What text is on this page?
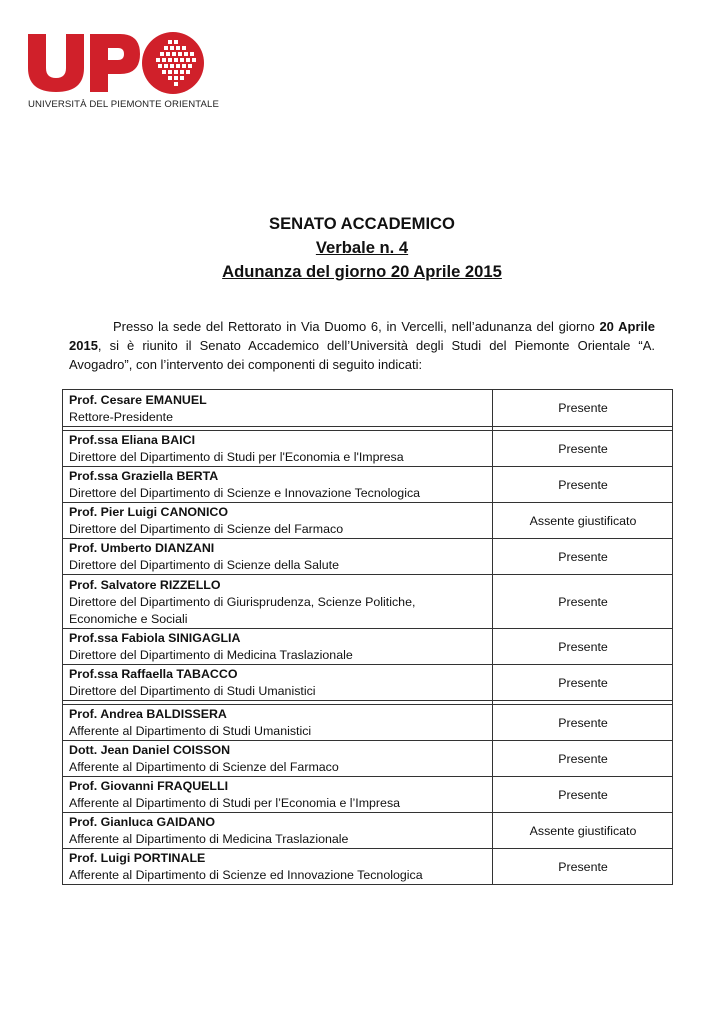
UNIVERSITÀ DEL PIEMONTE ORIENTALE
SENATO ACCADEMICO
Verbale n. 4
Adunanza del giorno 20 Aprile 2015
Presso la sede del Rettorato in Via Duomo 6, in Vercelli, nell’adunanza del giorno 20 Aprile 2015, si è riunito il Senato Accademico dell’Università degli Studi del Piemonte Orientale “A. Avogadro”, con l’intervento dei componenti di seguito indicati:
Prof. Cesare EMANUEL
Rettore-Presidente	Presente

Prof.ssa Eliana BAICI
Direttore del Dipartimento di Studi per l'Economia e l'Impresa	Presente

Prof.ssa Graziella BERTA
Direttore del Dipartimento di Scienze e Innovazione Tecnologica	Presente

Prof. Pier Luigi CANONICO
Direttore del Dipartimento di Scienze del Farmaco	Assente giustificato

Prof. Umberto DIANZANI
Direttore del Dipartimento di Scienze della Salute	Presente

Prof. Salvatore RIZZELLO
Direttore del Dipartimento di Giurisprudenza, Scienze Politiche, Economiche e Sociali	Presente

Prof.ssa Fabiola SINIGAGLIA
Direttore del Dipartimento di Medicina Traslazionale	Presente

Prof.ssa Raffaella TABACCO
Direttore del Dipartimento di Studi Umanistici	Presente

Prof. Andrea BALDISSERA
Afferente al Dipartimento di Studi Umanistici	Presente

Dott. Jean Daniel COISSON
Afferente al Dipartimento di Scienze del Farmaco	Presente

Prof. Giovanni FRAQUELLI
Afferente al Dipartimento di Studi per l’Economia e l’Impresa	Presente

Prof. Gianluca GAIDANO
Afferente al Dipartimento di Medicina Traslazionale	Assente giustificato

Prof. Luigi PORTINALE
Afferente al Dipartimento di Scienze ed Innovazione Tecnologica	Presente
